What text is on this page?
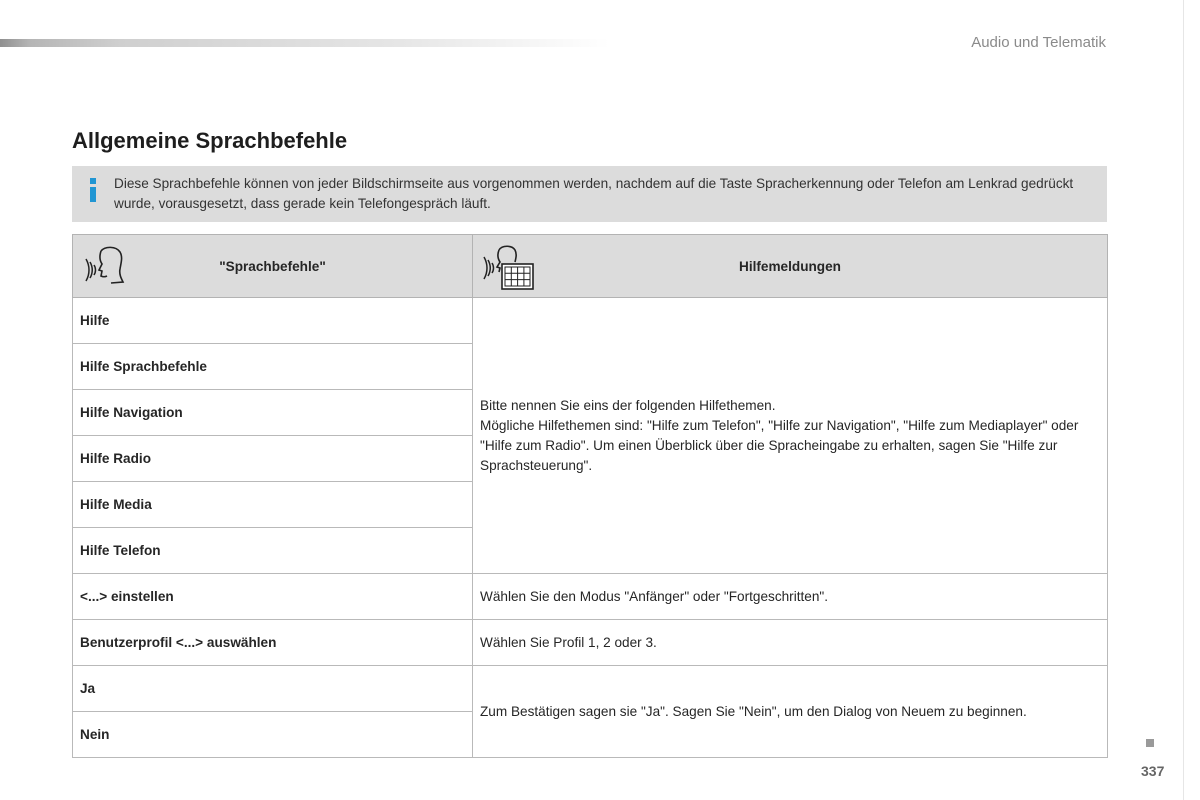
Audio und Telematik
Allgemeine Sprachbefehle
Diese Sprachbefehle können von jeder Bildschirmseite aus vorgenommen werden, nachdem auf die Taste Spracherkennung oder Telefon am Lenkrad gedrückt wurde, vorausgesetzt, dass gerade kein Telefongespräch läuft.
"Sprachbefehle"	Hilfemeldungen
Hilfe	Bitte nennen Sie eins der folgenden Hilfethemen.
Mögliche Hilfethemen sind: "Hilfe zum Telefon", "Hilfe zur Navigation", "Hilfe zum Mediaplayer" oder "Hilfe zum Radio". Um einen Überblick über die Spracheingabe zu erhalten, sagen Sie "Hilfe zur Sprachsteuerung".

Hilfe Sprachbefehle	
Hilfe Navigation	
Hilfe Radio	
Hilfe Media	
Hilfe Telefon	
<...> einstellen	Wählen Sie den Modus "Anfänger" oder "Fortgeschritten".
Benutzerprofil <...> auswählen	Wählen Sie Profil 1, 2 oder 3.
Ja	Zum Bestätigen sagen sie "Ja". Sagen Sie "Nein", um den Dialog von Neuem zu beginnen.
Nein	
337
